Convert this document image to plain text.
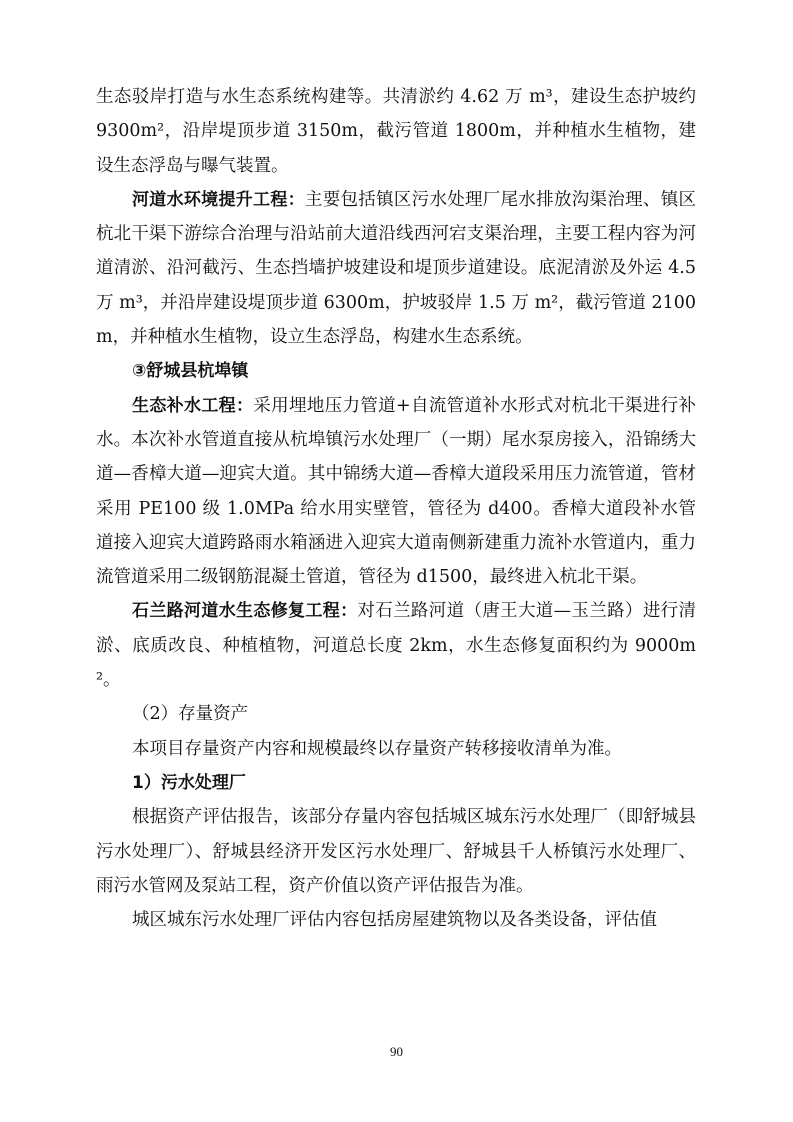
生态驳岸打造与水生态系统构建等。共清淤约 4.62 万 m³，建设生态护坡约 9300m²，沿岸堤顶步道 3150m，截污管道 1800m，并种植水生植物，建设生态浮岛与曝气装置。

河道水环境提升工程：主要包括镇区污水处理厂尾水排放沟渠治理、镇区杭北干渠下游综合治理与沿站前大道沿线西河宕支渠治理，主要工程内容为河道清淤、沿河截污、生态挡墙护坡建设和堤顶步道建设。底泥清淤及外运 4.5 万 m³，并沿岸建设堤顶步道 6300m，护坡驳岸 1.5 万 m²，截污管道 2100m，并种植水生植物，设立生态浮岛，构建水生态系统。

③舒城县杭埠镇

生态补水工程：采用埋地压力管道+自流管道补水形式对杭北干渠进行补水。本次补水管道直接从杭埠镇污水处理厂（一期）尾水泵房接入，沿锦绣大道—香樟大道—迎宾大道。其中锦绣大道—香樟大道段采用压力流管道，管材采用 PE100 级 1.0MPa 给水用实壁管，管径为 d400。香樟大道段补水管道接入迎宾大道跨路雨水箱涵进入迎宾大道南侧新建重力流补水管道内，重力流管道采用二级钢筋混凝土管道，管径为 d1500，最终进入杭北干渠。

石兰路河道水生态修复工程：对石兰路河道（唐王大道—玉兰路）进行清淤、底质改良、种植植物，河道总长度 2km，水生态修复面积约为 9000m²。

（2）存量资产

本项目存量资产内容和规模最终以存量资产转移接收清单为准。

1）污水处理厂

根据资产评估报告，该部分存量内容包括城区城东污水处理厂（即舒城县污水处理厂）、舒城县经济开发区污水处理厂、舒城县千人桥镇污水处理厂、雨污水管网及泵站工程，资产价值以资产评估报告为准。

城区城东污水处理厂评估内容包括房屋建筑物以及各类设备，评估值

90
